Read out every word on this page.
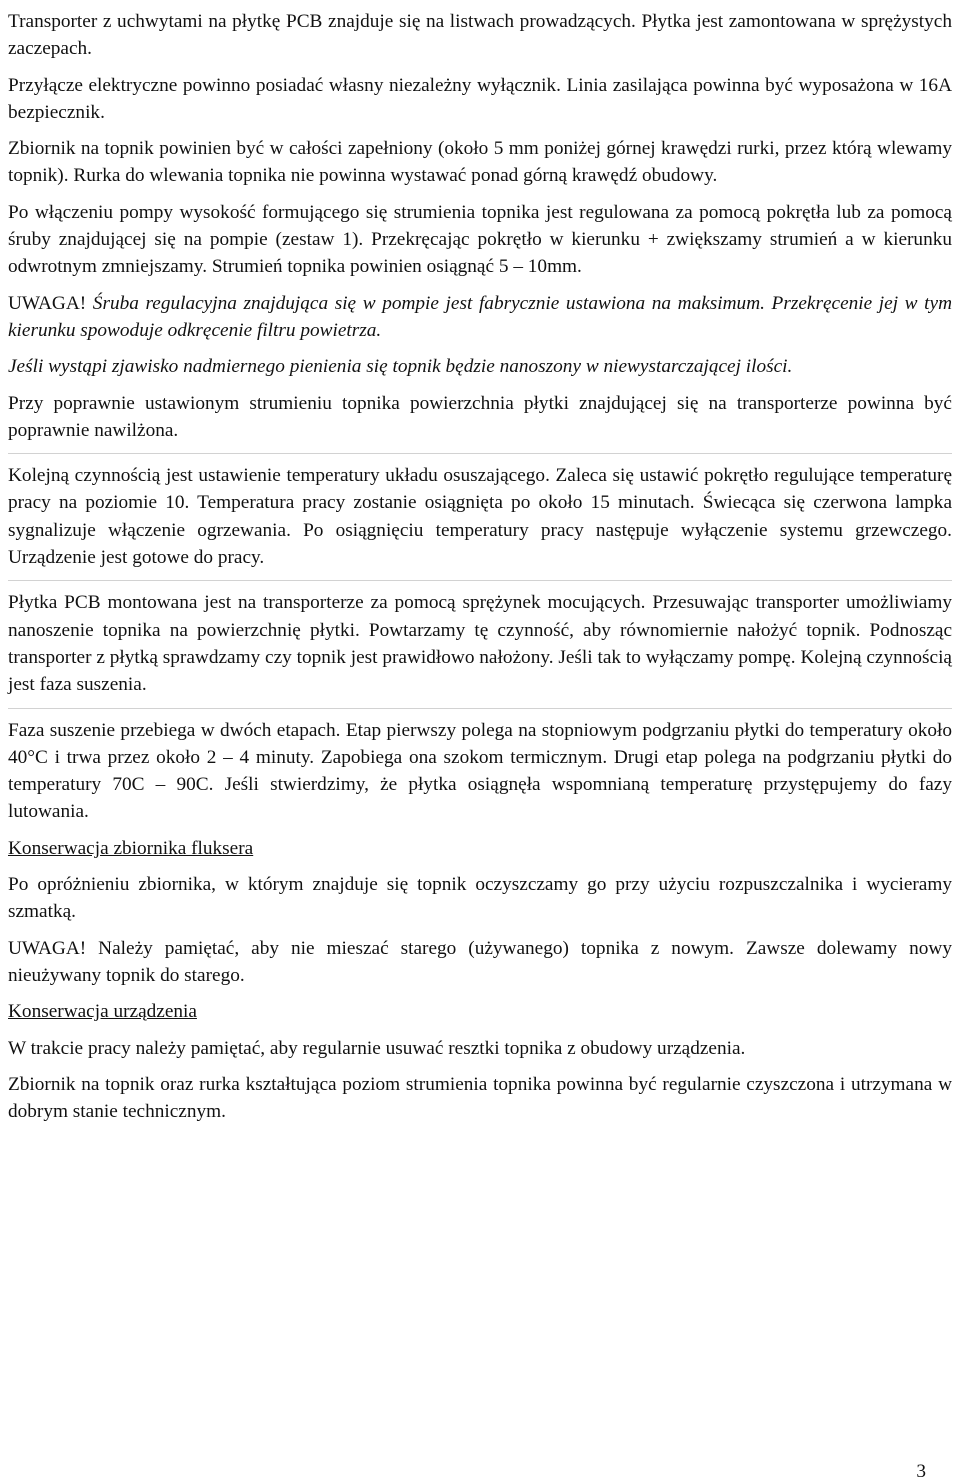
Transporter z uchwytami na płytkę PCB znajduje się na listwach prowadzących. Płytka jest zamontowana w sprężystych zaczepach.

Przyłącze elektryczne powinno posiadać własny niezależny wyłącznik. Linia zasilająca powinna być wyposażona w 16A bezpiecznik.

Zbiornik na topnik powinien być w całości zapełniony (około 5 mm poniżej górnej krawędzi rurki, przez którą wlewamy topnik). Rurka do wlewania topnika nie powinna wystawać ponad górną krawędź obudowy.

Po włączeniu pompy wysokość formującego się strumienia topnika jest regulowana za pomocą pokrętła lub za pomocą śruby znajdującej się na pompie (zestaw 1). Przekręcając pokrętło w kierunku + zwiększamy strumień a w kierunku odwrotnym zmniejszamy. Strumień topnika powinien osiągnąć 5 – 10mm.

UWAGA! Śruba regulacyjna znajdująca się w pompie jest fabrycznie ustawiona na maksimum. Przekręcenie jej w tym kierunku spowoduje odkręcenie filtru powietrza.

Jeśli wystąpi zjawisko nadmiernego pienienia się topnik będzie nanoszony w niewystarczającej ilości.

Przy poprawnie ustawionym strumieniu topnika powierzchnia płytki znajdującej się na transporterze powinna być poprawnie nawilżona.

Kolejną czynnością jest ustawienie temperatury układu osuszającego. Zaleca się ustawić pokrętło regulujące temperaturę pracy na poziomie 10. Temperatura pracy zostanie osiągnięta po około 15 minutach. Świecąca się czerwona lampka sygnalizuje włączenie ogrzewania. Po osiągnięciu temperatury pracy następuje wyłączenie systemu grzewczego. Urządzenie jest gotowe do pracy.

Płytka PCB montowana jest na transporterze za pomocą sprężynek mocujących. Przesuwając transporter umożliwiamy nanoszenie topnika na powierzchnię płytki. Powtarzamy tę czynność, aby równomiernie nałożyć topnik. Podnosząc transporter z płytką sprawdzamy czy topnik jest prawidłowo nałożony. Jeśli tak to wyłączamy pompę. Kolejną czynnością jest faza suszenia.

Faza suszenie przebiega w dwóch etapach. Etap pierwszy polega na stopniowym podgrzaniu płytki do temperatury około 40°C i trwa przez około 2 – 4 minuty. Zapobiega ona szokom termicznym. Drugi etap polega na podgrzaniu płytki do temperatury 70C – 90C. Jeśli stwierdzimy, że płytka osiągnęła wspomnianą temperaturę przystępujemy do fazy lutowania.

Konserwacja zbiornika fluksera

Po opróżnieniu zbiornika, w którym znajduje się topnik oczyszczamy go przy użyciu rozpuszczalnika i wycieramy szmatką.

UWAGA! Należy pamiętać, aby nie mieszać starego (używanego) topnika z nowym. Zawsze dolewamy nowy nieużywany topnik do starego.

Konserwacja urządzenia

W trakcie pracy należy pamiętać, aby regularnie usuwać resztki topnika z obudowy urządzenia.

Zbiornik na topnik oraz rurka kształtująca poziom strumienia topnika powinna być regularnie czyszczona i utrzymana w dobrym stanie technicznym.

3
